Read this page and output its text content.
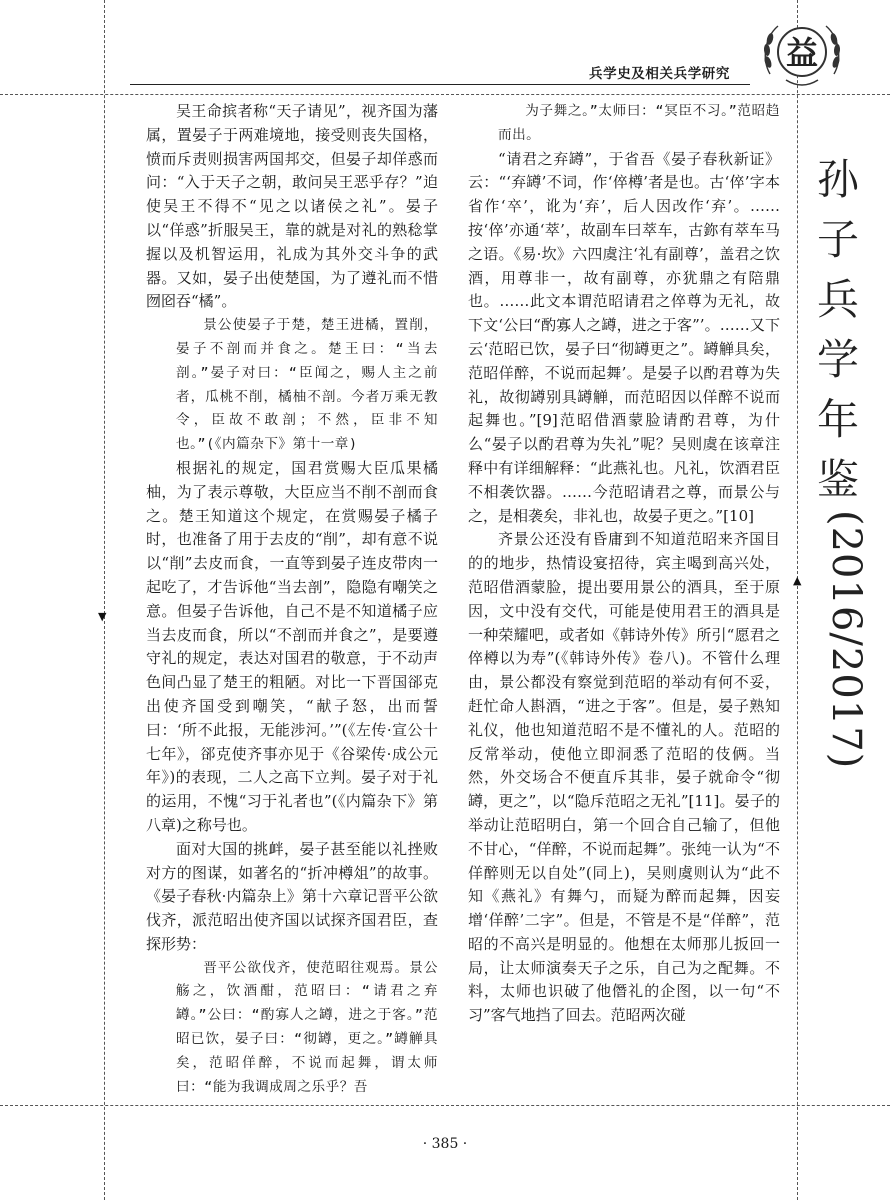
▼
▲
兵学史及相关兵学研究
益
孙
子
兵
学
年
鉴
(2016/2017)

吴王命摈者称“天子请见”，视齐国为藩属，置晏子于两难境地，接受则丧失国格，愤而斥责则损害两国邦交，但晏子却佯惑而问：“入于天子之朝，敢问吴王恶乎存？”迫使吴王不得不“见之以诸侯之礼”。晏子以“佯惑”折服吴王，靠的就是对礼的熟稔掌握以及机智运用，礼成为其外交斗争的武器。又如，晏子出使楚国，为了遵礼而不惜囫囵吞“橘”。

景公使晏子于楚，楚王进橘，置削，晏子不剖而并食之。楚王曰：“当去剖。”晏子对曰：“臣闻之，赐人主之前者，瓜桃不削，橘柚不剖。今者万乘无教令，臣故不敢剖；不然，臣非不知也。”(《内篇杂下》第十一章)

根据礼的规定，国君赏赐大臣瓜果橘柚，为了表示尊敬，大臣应当不削不剖而食之。楚王知道这个规定，在赏赐晏子橘子时，也准备了用于去皮的“削”，却有意不说以“削”去皮而食，一直等到晏子连皮带肉一起吃了，才告诉他“当去剖”，隐隐有嘲笑之意。但晏子告诉他，自己不是不知道橘子应当去皮而食，所以“不剖而并食之”，是要遵守礼的规定，表达对国君的敬意，于不动声色间凸显了楚王的粗陋。对比一下晋国郤克出使齐国受到嘲笑，“献子怒，出而誓曰：‘所不此报，无能涉河。’”(《左传·宣公十七年》，郤克使齐事亦见于《谷梁传·成公元年》)的表现，二人之高下立判。晏子对于礼的运用，不愧“习于礼者也”(《内篇杂下》第八章)之称号也。

面对大国的挑衅，晏子甚至能以礼挫败对方的图谋，如著名的“折冲樽俎”的故事。《晏子春秋·内篇杂上》第十六章记晋平公欲伐齐，派范昭出使齐国以试探齐国君臣，查探形势：

晋平公欲伐齐，使范昭往观焉。景公觞之，饮酒酣，范昭曰：“请君之弃罇。”公曰：“酌寡人之罇，进之于客。”范昭已饮，晏子曰：“彻罇，更之。”罇觯具矣，范昭佯醉，不说而起舞，谓太师曰：“能为我调成周之乐乎？吾

为子舞之。”太师曰：“冥臣不习。”范昭趋而出。

“请君之弃罇”，于省吾《晏子春秋新证》云：“‘弃罇’不词，作‘倅樽’者是也。古‘倅’字本省作‘卒’，讹为‘弃’，后人因改作‘弃’。……按‘倅’亦通‘萃’，故副车曰萃车，古鉨有萃车马之语。《易·坎》六四虞注‘礼有副尊’，盖君之饮酒，用尊非一，故有副尊，亦犹鼎之有陪鼎也。……此文本谓范昭请君之倅尊为无礼，故下文‘公曰“酌寡人之罇，进之于客”’。……又下云‘范昭已饮，晏子曰“彻罇更之”。罇觯具矣，范昭佯醉，不说而起舞’。是晏子以酌君尊为失礼，故彻罇别具罇觯，而范昭因以佯醉不说而起舞也。”[9]范昭借酒蒙脸请酌君尊，为什么“晏子以酌君尊为失礼”呢？吴则虞在该章注释中有详细解释：“此燕礼也。凡礼，饮酒君臣不相袭饮器。……今范昭请君之尊，而景公与之，是相袭矣，非礼也，故晏子更之。”[10]

齐景公还没有昏庸到不知道范昭来齐国目的的地步，热情设宴招待，宾主喝到高兴处，范昭借酒蒙脸，提出要用景公的酒具，至于原因，文中没有交代，可能是使用君王的酒具是一种荣耀吧，或者如《韩诗外传》所引“愿君之倅樽以为寿”(《韩诗外传》卷八)。不管什么理由，景公都没有察觉到范昭的举动有何不妥，赶忙命人斟酒，“进之于客”。但是，晏子熟知礼仪，他也知道范昭不是不懂礼的人。范昭的反常举动，使他立即洞悉了范昭的伎俩。当然，外交场合不便直斥其非，晏子就命令“彻罇，更之”，以“隐斥范昭之无礼”[11]。晏子的举动让范昭明白，第一个回合自己输了，但他不甘心，“佯醉，不说而起舞”。张纯一认为“不佯醉则无以自处”(同上)，吴则虞则认为“此不知《燕礼》有舞勺，而疑为醉而起舞，因妄增‘佯醉’二字”。但是，不管是不是“佯醉”，范昭的不高兴是明显的。他想在太师那儿扳回一局，让太师演奏天子之乐，自己为之配舞。不料，太师也识破了他僭礼的企图，以一句“不习”客气地挡了回去。范昭两次碰

· 385 ·
